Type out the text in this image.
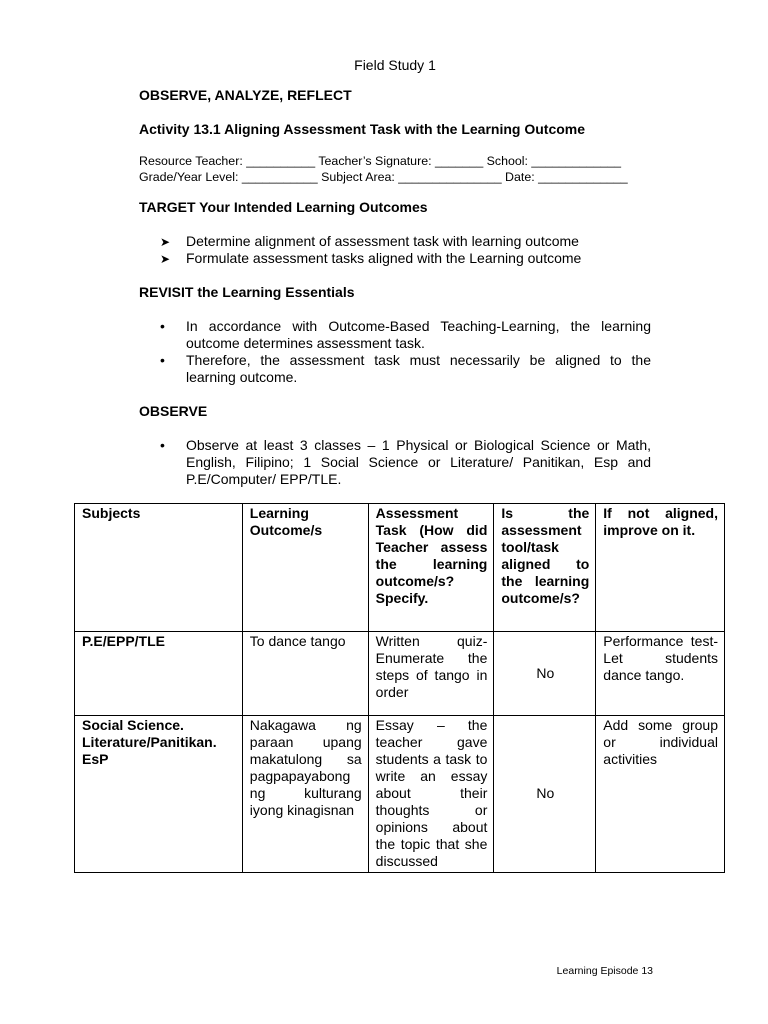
Field Study 1
OBSERVE, ANALYZE, REFLECT
Activity 13.1 Aligning Assessment Task with the Learning Outcome
Resource Teacher: __________ Teacher’s Signature: _______ School: _____________
Grade/Year Level: ___________ Subject Area: _______________ Date: _____________
TARGET Your Intended Learning Outcomes
➤ Determine alignment of assessment task with learning outcome
➤ Formulate assessment tasks aligned with the Learning outcome
REVISIT the Learning Essentials
• In accordance with Outcome-Based Teaching-Learning, the learning outcome determines assessment task.
• Therefore, the assessment task must necessarily be aligned to the learning outcome.
OBSERVE
• Observe at least 3 classes – 1 Physical or Biological Science or Math, English, Filipino; 1 Social Science or Literature/ Panitikan, Esp and P.E/Computer/ EPP/TLE.
Subjects	Learning Outcome/s	Assessment Task (How did Teacher assess the learning outcome/s? Specify.	Is the assessment tool/task aligned to the learning outcome/s?	If not aligned, improve on it.
P.E/EPP/TLE	To dance tango	Written quiz-Enumerate the steps of tango in order	No	Performance test-Let students dance tango.
Social Science. Literature/Panitikan. EsP	Nakagawa ng paraan upang makatulong sa pagpapayabong ng kulturang iyong kinagisnan	Essay – the teacher gave students a task to write an essay about their thoughts or opinions about the topic that she discussed	No	Add some group or individual activities
Learning Episode 13
